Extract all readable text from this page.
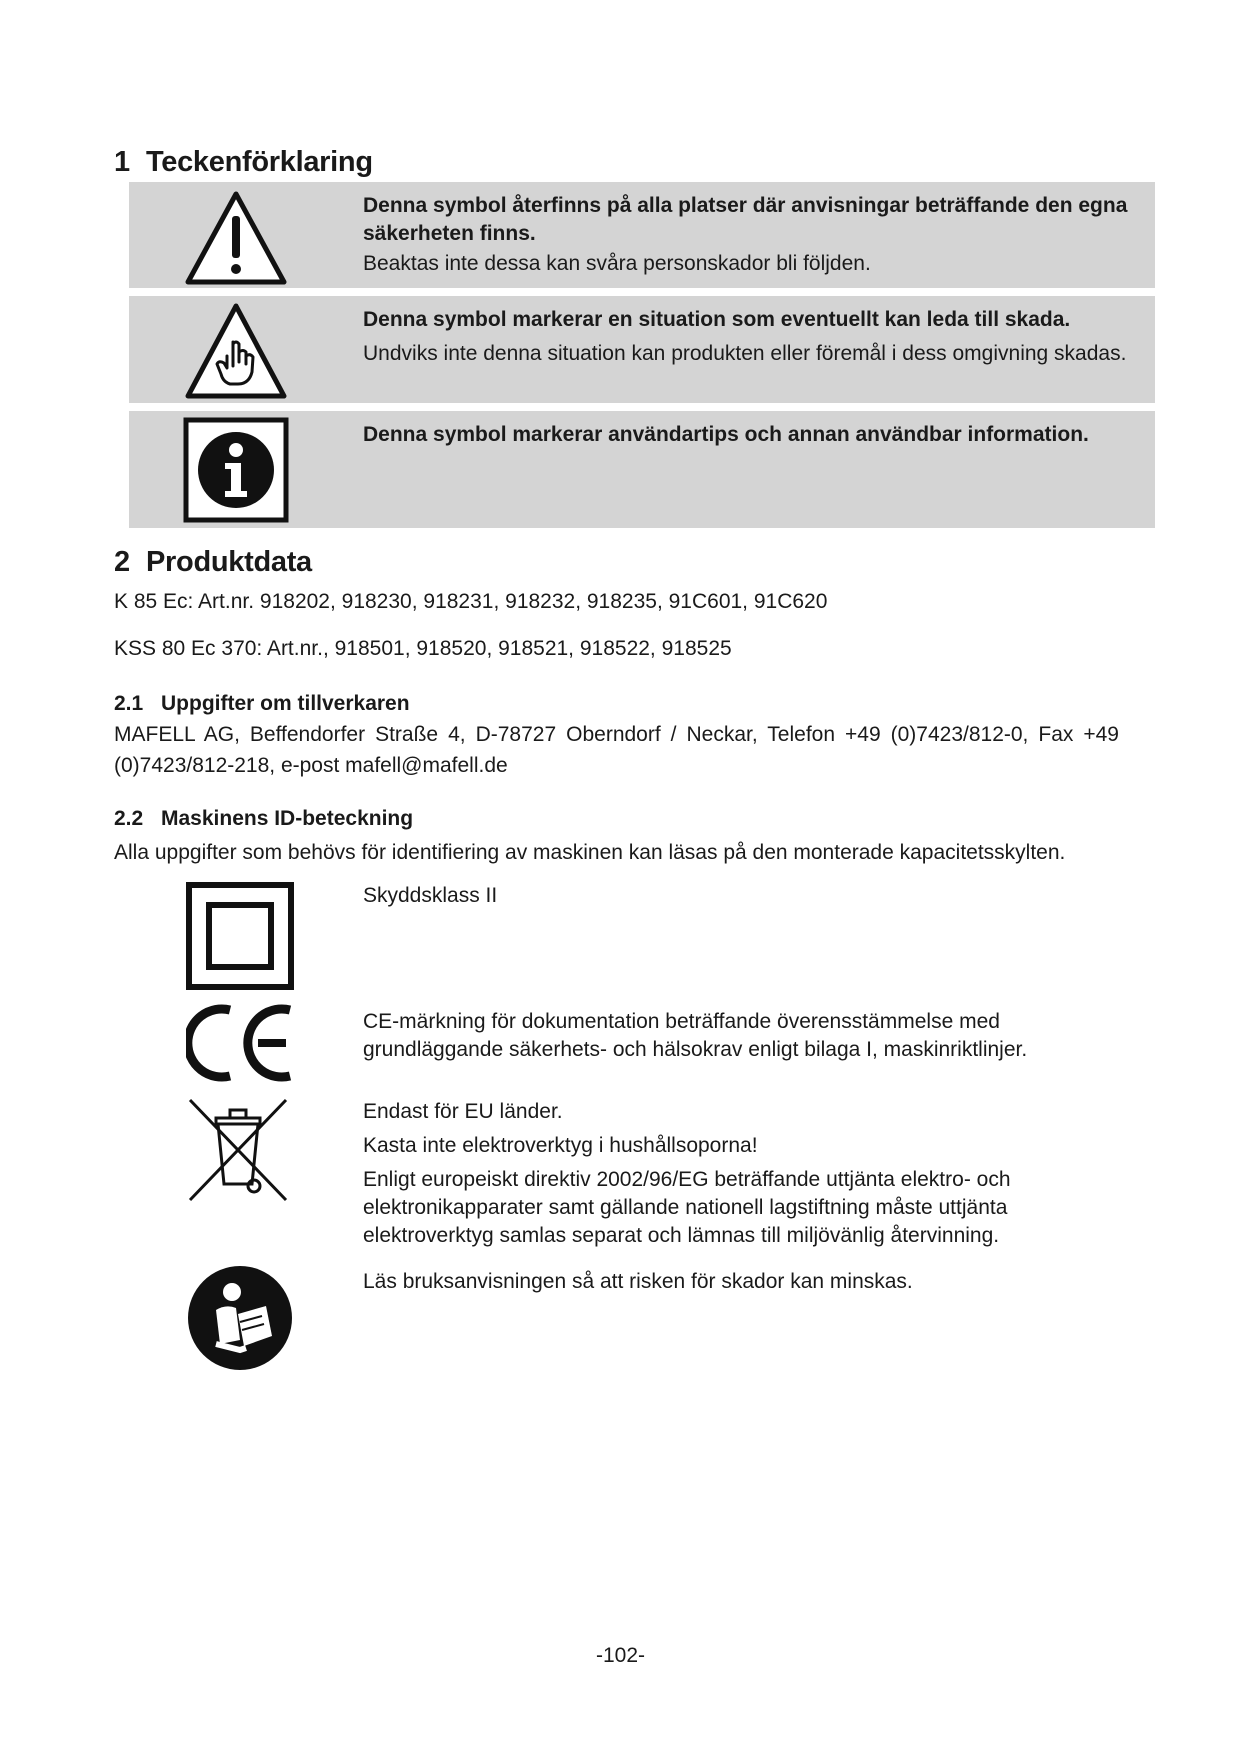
1 Teckenförklaring
Denna symbol återfinns på alla platser där anvisningar beträffande den egna säkerheten finns.
Beaktas inte dessa kan svåra personskador bli följden.
Denna symbol markerar en situation som eventuellt kan leda till skada.
Undviks inte denna situation kan produkten eller föremål i dess omgivning skadas.
Denna symbol markerar användartips och annan användbar information.
2 Produktdata
K 85 Ec: Art.nr. 918202, 918230, 918231, 918232, 918235, 91C601, 91C620
KSS 80 Ec 370: Art.nr., 918501, 918520, 918521, 918522, 918525
2.1 Uppgifter om tillverkaren
MAFELL AG, Beffendorfer Straße 4, D-78727 Oberndorf / Neckar, Telefon +49 (0)7423/812-0, Fax +49
(0)7423/812-218, e-post mafell@mafell.de
2.2 Maskinens ID-beteckning
Alla uppgifter som behövs för identifiering av maskinen kan läsas på den monterade kapacitetsskylten.

Skyddsklass II

CE-märkning för dokumentation beträffande överensstämmelse med grundläggande säkerhets- och hälsokrav enligt bilaga I, maskinriktlinjer.

Endast för EU länder.

Kasta inte elektroverktyg i hushållsoporna!

Enligt europeiskt direktiv 2002/96/EG beträffande uttjänta elektro- och elektronikapparater samt gällande nationell lagstiftning måste uttjänta elektroverktyg samlas separat och lämnas till miljövänlig återvinning.

Läs bruksanvisningen så att risken för skador kan minskas.

-102-
